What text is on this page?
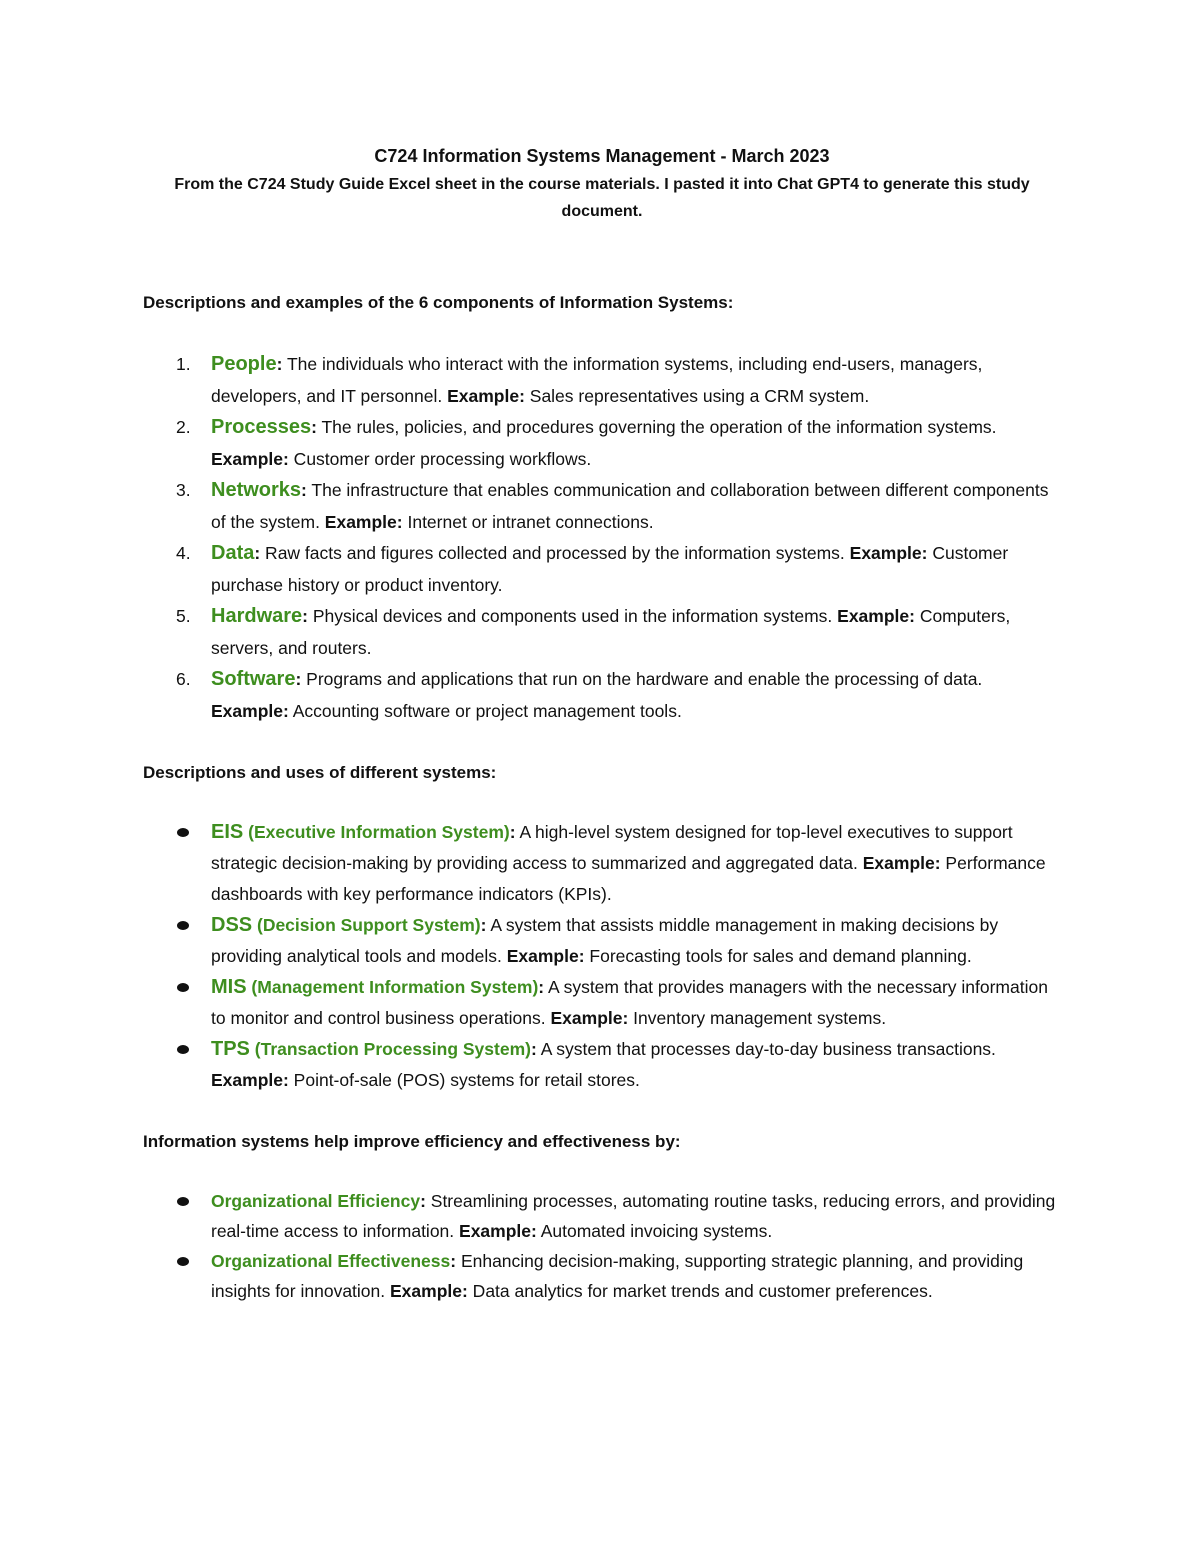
C724 Information Systems Management - March 2023

From the C724 Study Guide Excel sheet in the course materials. I pasted it into Chat GPT4 to generate this study document.

Descriptions and examples of the 6 components of Information Systems:

1. People: The individuals who interact with the information systems, including end-users, managers, developers, and IT personnel. Example: Sales representatives using a CRM system.
2. Processes: The rules, policies, and procedures governing the operation of the information systems. Example: Customer order processing workflows.
3. Networks: The infrastructure that enables communication and collaboration between different components of the system. Example: Internet or intranet connections.
4. Data: Raw facts and figures collected and processed by the information systems. Example: Customer purchase history or product inventory.
5. Hardware: Physical devices and components used in the information systems. Example: Computers, servers, and routers.
6. Software: Programs and applications that run on the hardware and enable the processing of data. Example: Accounting software or project management tools.

Descriptions and uses of different systems:

EIS (Executive Information System): A high-level system designed for top-level executives to support strategic decision-making by providing access to summarized and aggregated data. Example: Performance dashboards with key performance indicators (KPIs).
DSS (Decision Support System): A system that assists middle management in making decisions by providing analytical tools and models. Example: Forecasting tools for sales and demand planning.
MIS (Management Information System): A system that provides managers with the necessary information to monitor and control business operations. Example: Inventory management systems.
TPS (Transaction Processing System): A system that processes day-to-day business transactions. Example: Point-of-sale (POS) systems for retail stores.

Information systems help improve efficiency and effectiveness by:

Organizational Efficiency: Streamlining processes, automating routine tasks, reducing errors, and providing real-time access to information. Example: Automated invoicing systems.
Organizational Effectiveness: Enhancing decision-making, supporting strategic planning, and providing insights for innovation. Example: Data analytics for market trends and customer preferences.
